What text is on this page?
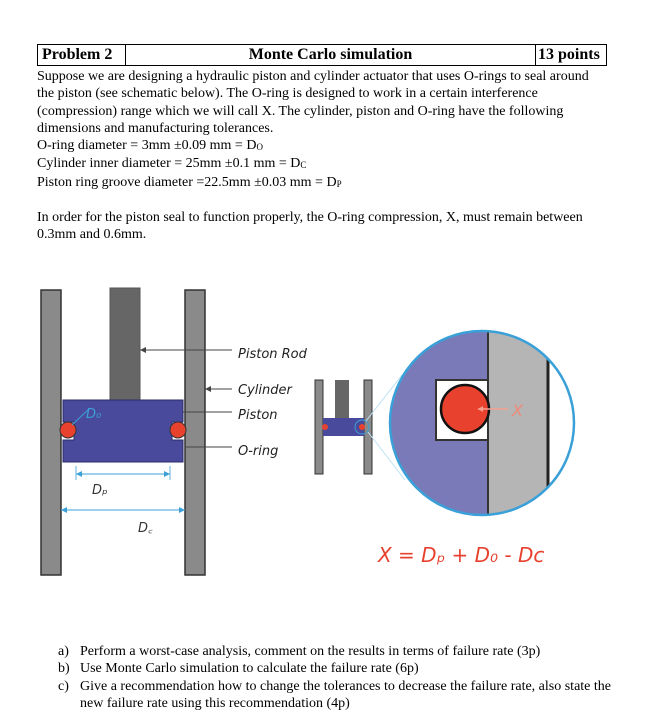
Problem 2	Monte Carlo simulation	13 points

Suppose we are designing a hydraulic piston and cylinder actuator that uses O-rings to seal around the piston (see schematic below). The O-ring is designed to work in a certain interference (compression) range which we will call X. The cylinder, piston and O-ring have the following dimensions and manufacturing tolerances.

O-ring diameter = 3mm ±0.09 mm = $D_O$

Cylinder inner diameter = 25mm ±0.1 mm = $D_C$

Piston ring groove diameter =22.5mm ±0.03 mm = $D_P$

In order for the piston seal to function properly, the O-ring compression, X, must remain between 0.3mm and 0.6mm.

D₀
Dₚ
D꜀
Piston Rod
Cylinder
Piston
O-ring
X
X = Dₚ + D₀ - Dc
a) Perform a worst-case analysis, comment on the results in terms of failure rate (3p)
b) Use Monte Carlo simulation to calculate the failure rate (6p)
c) Give a recommendation how to change the tolerances to decrease the failure rate, also state the new failure rate using this recommendation (4p)
